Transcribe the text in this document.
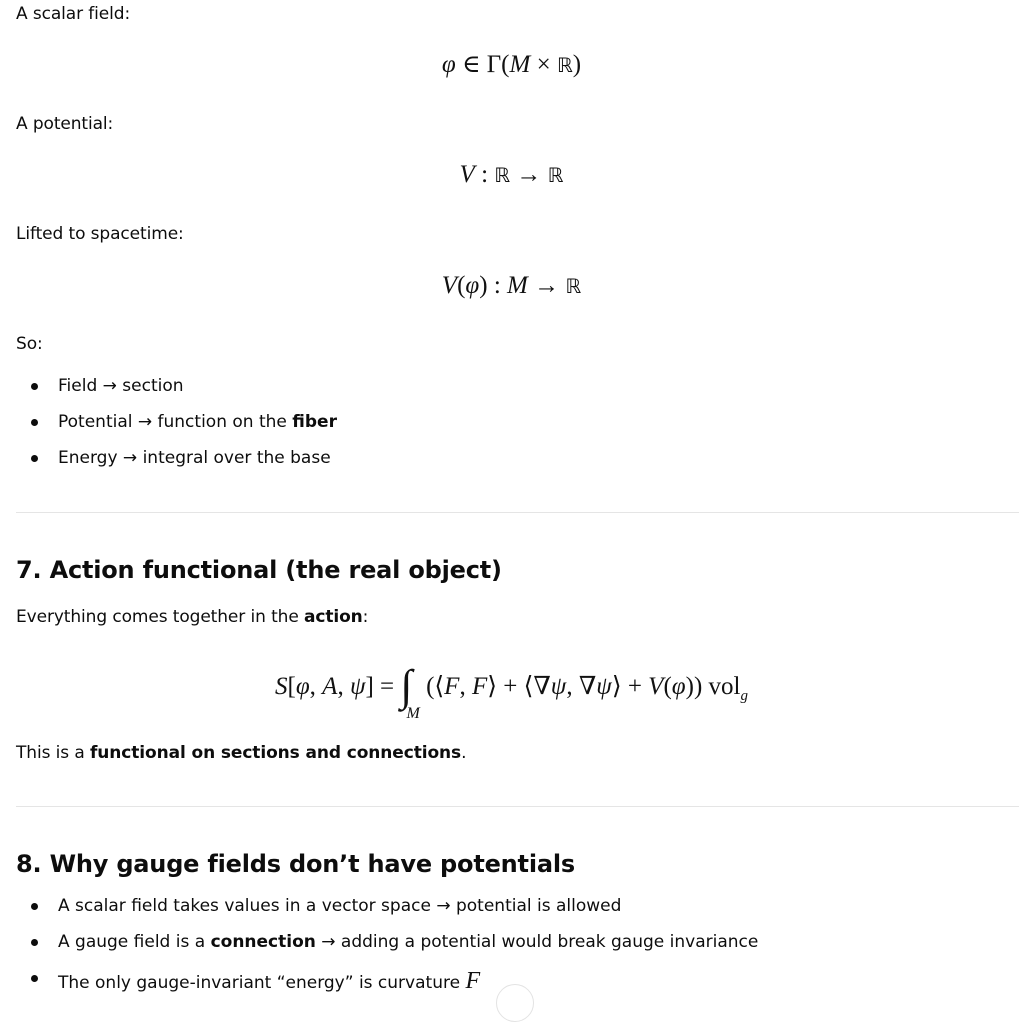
A scalar field:
φ ∈ Γ(M × ℝ)
A potential:
V : ℝ → ℝ
Lifted to spacetime:
V(φ) : M → ℝ
So:
Field → section
Potential → function on the fiber
Energy → integral over the base
7. Action functional (the real object)
Everything comes together in the action:
S[φ, A, $\psi] = \int_M$ (⟨F, F⟩ + ⟨∇ψ, ∇ψ⟩ + V(φ)) vol$_g$
This is a functional on sections and connections.
8. Why gauge fields don’t have potentials
A scalar field takes values in a vector space → potential is allowed
A gauge field is a connection → adding a potential would break gauge invariance
The only gauge-invariant “energy” is curvature F
